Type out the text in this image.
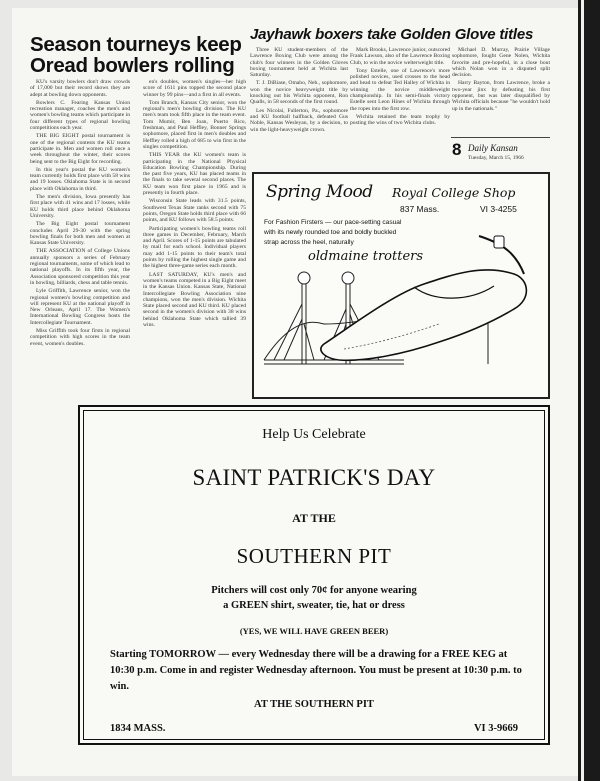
Season tourneys keep Oread bowlers rolling
Jayhawk boxers take Golden Glove titles

KU's varsity bowlers don't draw crowds of 17,000 but their record shows they are adept at bowling down opponents.

Bowlers C. Fearing Kansas Union recreation manager, coaches the men's and women's bowling teams which participate in four different types of regional bowling competitions each year.

THE BIG EIGHT postal tournament is one of the regional contests the KU teams participate in. Men and women roll once a week throughout the winter, their scores being sent to the Big Eight for recording.

In this year's postal the KU women's team currently holds first place with 58 wins and 19 losses. Oklahoma State is in second place with Oklahoma in third.

The men's division, Iowa presently has first place with 41 wins and 17 losses, while KU holds third place behind Oklahoma University.

The Big Eight postal tournament concludes April 29-30 with the spring bowling finals for both men and women at Kansas State University.

THE ASSOCIATION of College Unions annually sponsors a series of February regional tournaments, some of which lead to national playoffs. In its fifth year, the Association sponsored competition this year in bowling, billiards, chess and table tennis.

Lyle Griffith, Lawrence senior, won the regional women's bowling competition and will represent KU at the national playoff in New Orleans, April 17. The Women's International Bowling Congress hosts the Intercollegiate Tournament.

Miss Griffith took four firsts in regional competition with high scores in the team event, women's doubles.

en's doubles, women's singles—her high score of 1611 pins topped the second place winner by 99 pins—and a first in all events.

Tom Branch, Kansas City senior, won the regional's men's bowling division. The KU men's team took fifth place in the team event. Tom Mumir, Ben Joan, Puerto Rico, freshman, and Paul Heffley, Bonner Springs sophomore, placed first in men's doubles and Heffley rolled a high of 685 to win first in the singles competition.

THIS YEAR the KU women's team is participating in the National Physical Education Bowling Championship. During the past five years, KU has placed teams in the finals to take several second places. The KU team won first place in 1965 and is presently in fourth place.

Wisconsin State leads with 31.5 points, Southwest Texas State ranks second with 75 points, Oregon State holds third place with 66 points, and KU follows with 58.5 points.

Participating women's bowling teams roll three games in December, February, March and April. Scores of 1-15 points are tabulated by mail for each school. Individual players may add 1-15 points to their team's total points by rolling the highest single game and the highest three-game series each month.

LAST SATURDAY, KU's men's and women's teams competed in a Big Eight meet in the Kansas Union. Kansas State, National Intercollegiate Bowling Association nine champions, won the men's division. Wichita State placed second and KU third. KU placed second in the women's division with 38 wins behind Oklahoma State which tallied 39 wins.

Three KU student-members of the Lawrence Boxing Club were among the club's four winners in the Golden Gloves boxing tournament held at Wichita last Saturday.

T. J. DiBiase, Omaho, Neb., sophomore, won the novice heavyweight title by knocking out his Wichita opponent, Ron Qualls, in 58 seconds of the first round.

Les Nicolai, Fullerton, Pa., sophomore and KU football halfback, defeated Gus Noble, Kansas Wesleyan, by a decision, to win the light-heavyweight crown.

Mark Brooks, Lawrence junior, outscored Frank Lawson, also of the Lawrence Boxing Club, to win the novice welterweight title.

Tony Estelle, one of Lawrence's more polished novices, used crosses to the head and head to defeat Ted Halley of Wichita in winning the novice middleweight championship. In his semi-finals victory Estelle sent Leon Hines of Wichita through the ropes into the first row.

Wichita retained the team trophy by posting the wins of two Wichita clubs.

Michael D. Murray, Prairie Village sophomore, fought Gene Nolen, Wichita favorite and pre-hopeful, in a close bout which Nolan won in a disputed split decision.

Harry Bayton, from Lawrence, broke a two-year jinx by defeating his first opponent, but was later disqualified by Wichita officials because "he wouldn't hold up in the nationals."

8 Daily Kansan
Tuesday, March 15, 1966
Spring Mood Royal College Shop
837 Mass.	VI 3-4255

For Fashion Firsters — our pace-setting casual with its newly rounded toe and boldly buckled strap across the heel, naturally

oldmaine trotters
Help Us Celebrate
SAINT PATRICK'S DAY
AT THE
SOUTHERN PIT
Pitchers will cost only 70¢ for anyone wearing
a GREEN shirt, sweater, tie, hat or dress
(YES, WE WILL HAVE GREEN BEER)
Starting TOMORROW — every Wednesday there will be a drawing for a FREE KEG at 10:30 p.m. Come in and register Wednesday afternoon. You must be present at 10:30 p.m. to win.
AT THE SOUTHERN PIT
1834 MASS.	VI 3-9669
